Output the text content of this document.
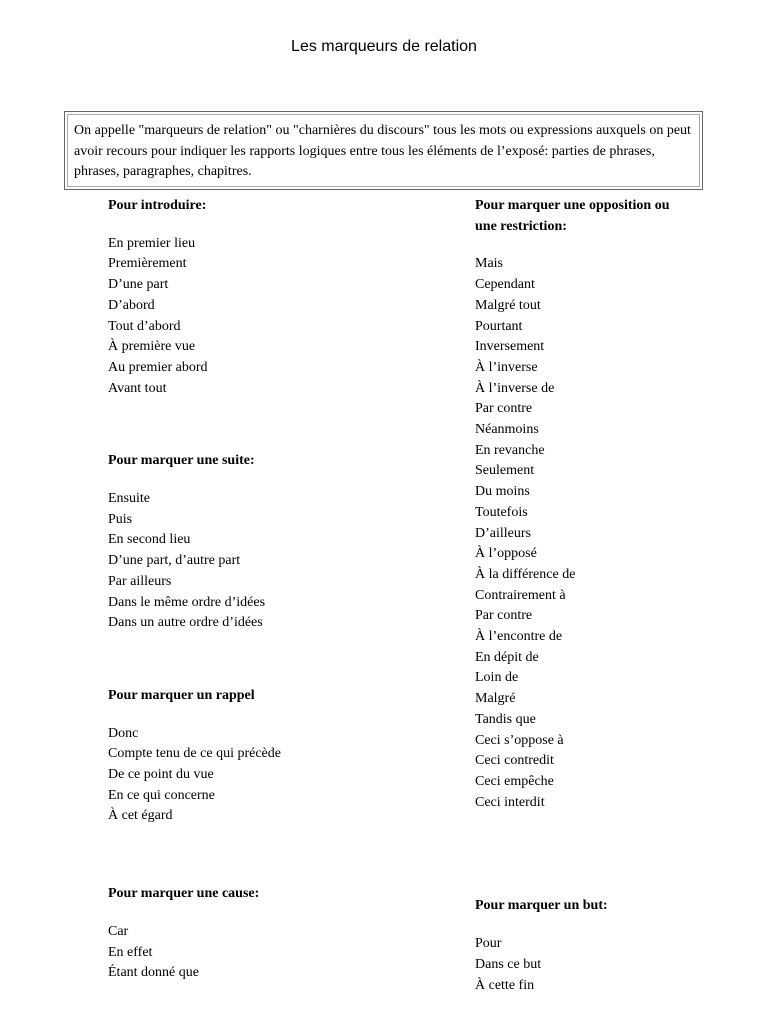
Les marqueurs de relation
On appelle "marqueurs de relation" ou "charnières du discours" tous les mots ou expressions auxquels on peut avoir recours pour indiquer les rapports logiques entre tous les éléments de l’exposé: parties de phrases, phrases, paragraphes, chapitres.

Pour introduire:

En premier lieu

Premièrement

D’une part

D’abord

Tout d’abord

À première vue

Au premier abord

Avant tout

Pour marquer une suite:

Ensuite

Puis

En second lieu

D’une part, d’autre part

Par ailleurs

Dans le même ordre d’idées

Dans un autre ordre d’idées

Pour marquer un rappel

Donc

Compte tenu de ce qui précède

De ce point du vue

En ce qui concerne

À cet égard

Pour marquer une cause:

Car

En effet

Étant donné que

Pour marquer une opposition ou

une restriction:

Mais

Cependant

Malgré tout

Pourtant

Inversement

À l’inverse

À l’inverse de

Par contre

Néanmoins

En revanche

Seulement

Du moins

Toutefois

D’ailleurs

À l’opposé

À la différence de

Contrairement à

Par contre

À l’encontre de

En dépit de

Loin de

Malgré

Tandis que

Ceci s’oppose à

Ceci contredit

Ceci empêche

Ceci interdit

Pour marquer un but:

Pour

Dans ce but

À cette fin
